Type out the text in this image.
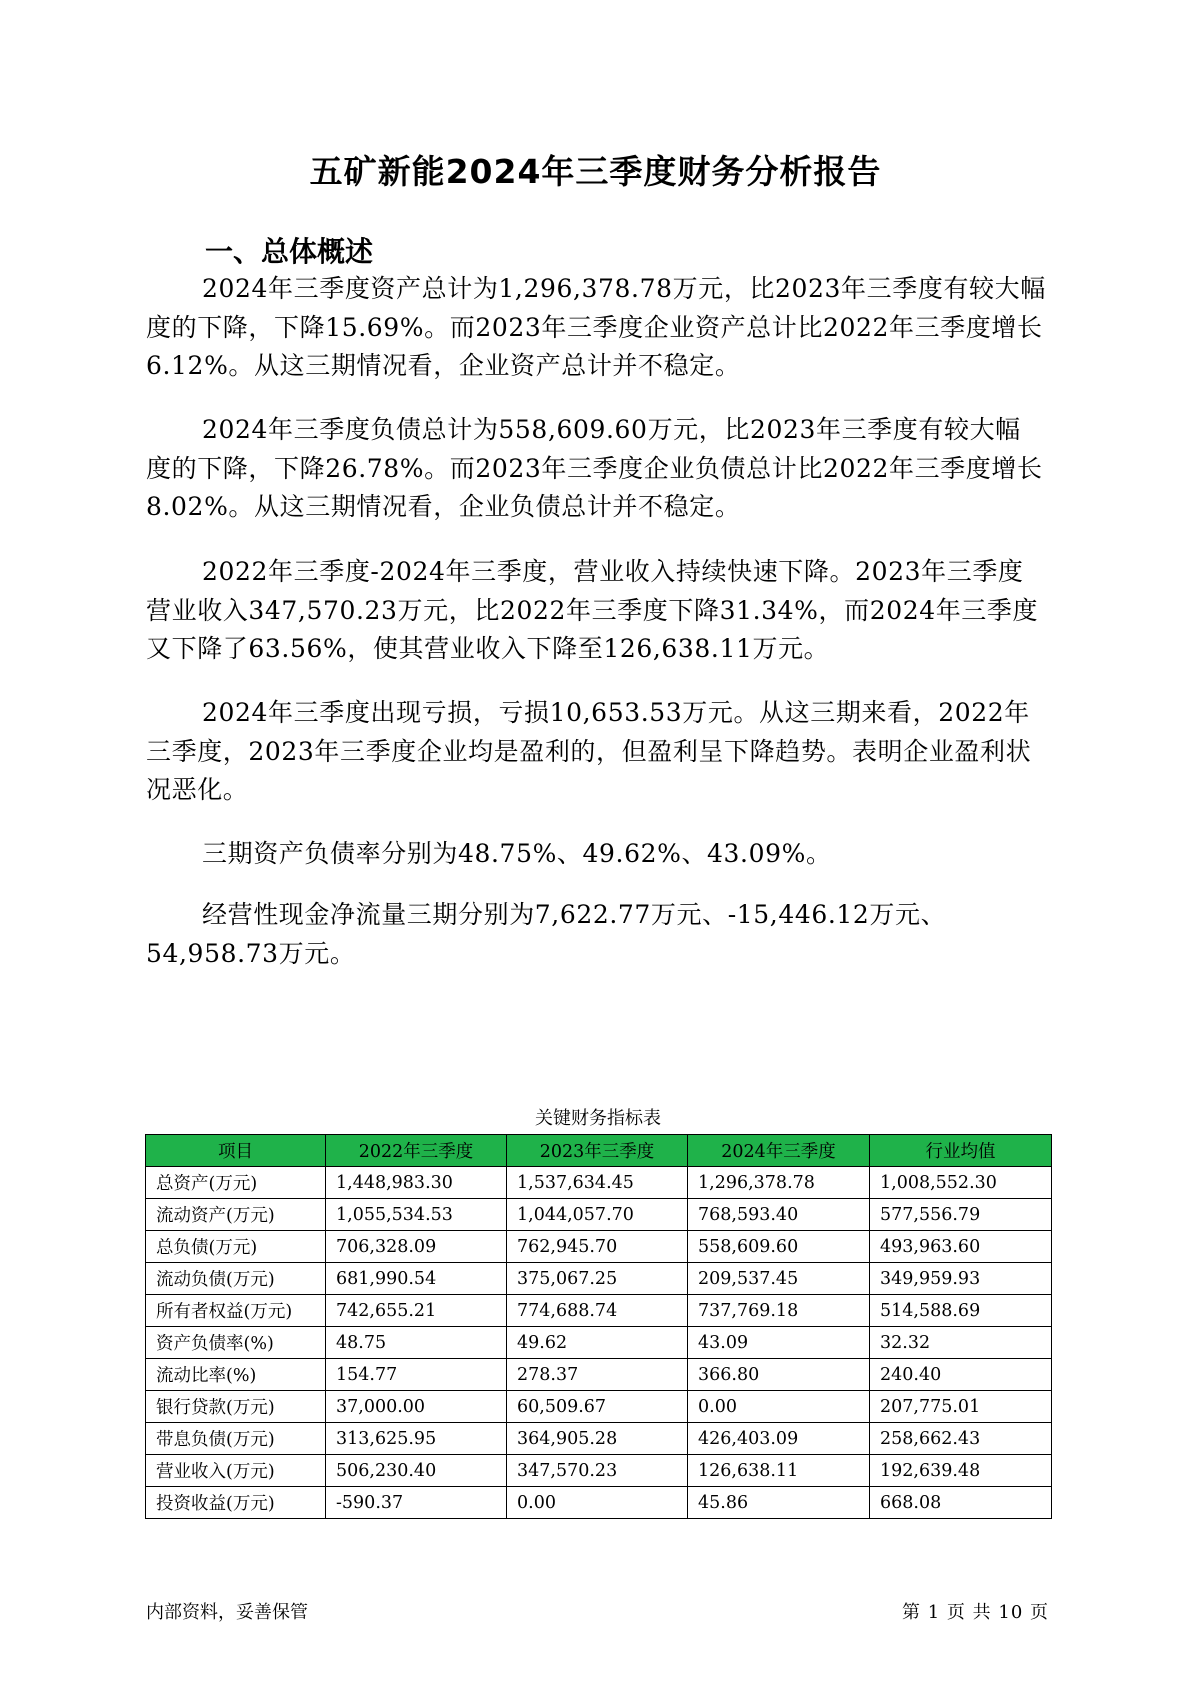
五矿新能2024年三季度财务分析报告
一、总体概述

2024年三季度资产总计为1,296,378.78万元，比2023年三季度有较大幅度的下降，下降15.69%。而2023年三季度企业资产总计比2022年三季度增长6.12%。从这三期情况看，企业资产总计并不稳定。

2024年三季度负债总计为558,609.60万元，比2023年三季度有较大幅度的下降，下降26.78%。而2023年三季度企业负债总计比2022年三季度增长8.02%。从这三期情况看，企业负债总计并不稳定。

2022年三季度-2024年三季度，营业收入持续快速下降。2023年三季度营业收入347,570.23万元，比2022年三季度下降31.34%，而2024年三季度又下降了63.56%，使其营业收入下降至126,638.11万元。

2024年三季度出现亏损，亏损10,653.53万元。从这三期来看，2022年三季度，2023年三季度企业均是盈利的，但盈利呈下降趋势。表明企业盈利状况恶化。

三期资产负债率分别为48.75%、49.62%、43.09%。

经营性现金净流量三期分别为7,622.77万元、-15,446.12万元、54,958.73万元。

关键财务指标表
项目	2022年三季度	2023年三季度	2024年三季度	行业均值
总资产(万元)	1,448,983.30	1,537,634.45	1,296,378.78	1,008,552.30
流动资产(万元)	1,055,534.53	1,044,057.70	768,593.40	577,556.79
总负债(万元)	706,328.09	762,945.70	558,609.60	493,963.60
流动负债(万元)	681,990.54	375,067.25	209,537.45	349,959.93
所有者权益(万元)	742,655.21	774,688.74	737,769.18	514,588.69
资产负债率(%)	48.75	49.62	43.09	32.32
流动比率(%)	154.77	278.37	366.80	240.40
银行贷款(万元)	37,000.00	60,509.67	0.00	207,775.01
带息负债(万元)	313,625.95	364,905.28	426,403.09	258,662.43
营业收入(万元)	506,230.40	347,570.23	126,638.11	192,639.48
投资收益(万元)	-590.37	0.00	45.86	668.08
内部资料，妥善保管	第 1 页 共 10 页
